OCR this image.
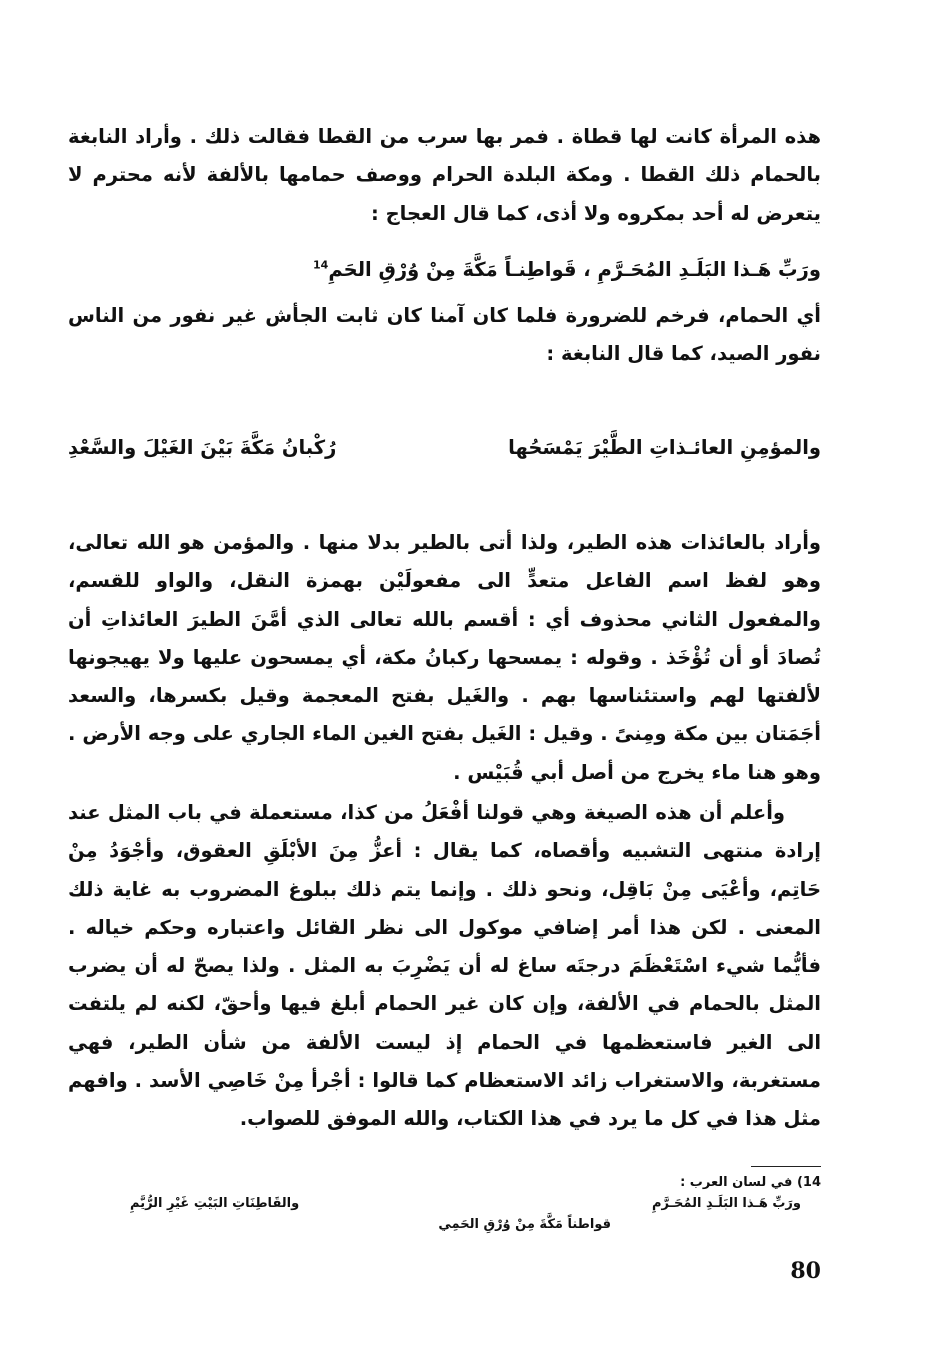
هذه المرأة كانت لها قطاة . فمر بها سرب من القطا فقالت ذلك . وأراد النابغة بالحمام ذلك القطا . ومكة البلدة الحرام ووصف حمامها بالألفة لأنه محترم لا يتعرض له أحد بمكروه ولا أذى، كما قال العجاج :
ورَبِّ هَـذا البَلَـدِ المُحَـرَّمِ ، قَواطِنـاً مَكَّةَ مِنْ وُرْقِ الحَمِ$^{14}$
أي الحمام، فرخم للضرورة فلما كان آمنا كان ثابت الجأش غير نفور من الناس نفور الصيد، كما قال النابغة :
والمؤمِنِ العائـذاتِ الطَّيْرَ يَمْسَحُها
رُكْبانُ مَكَّةَ بَيْنَ الغَيْلَ والسَّعْدِ
وأراد بالعائذات هذه الطير، ولذا أتى بالطير بدلا منها . والمؤمن هو الله تعالى، وهو لفظ اسم الفاعل متعدٍّ الى مفعولَيْن بهمزة النقل، والواو للقسم، والمفعول الثاني محذوف أي : أقسم بالله تعالى الذي أمَّنَ الطيرَ العائذاتِ أن تُصادَ أو أن تُؤْخَذ . وقوله : يمسحها ركبانُ مكة، أي يمسحون عليها ولا يهيجونها لألفتها لهم واستئناسها بهم . والغَيل بفتح المعجمة وقيل بكسرها، والسعد أجَمَتان بين مكة ومِنىً . وقيل : الغَيل بفتح الغين الماء الجاري على وجه الأرض . وهو هنا ماء يخرج من أصل أبي قُبَيْس .
وأعلم أن هذه الصيغة وهي قولنا أفْعَلُ من كذا، مستعملة في باب المثل عند إرادة منتهى التشبيه وأقصاه، كما يقال : أعزُّ مِنَ الأبْلَقِ العقوق، وأجْوَدُ مِنْ حَاتِم، وأعْيَى مِنْ بَاقِل، ونحو ذلك . وإنما يتم ذلك ببلوغ المضروب به غاية ذلك المعنى . لكن هذا أمر إضافي موكول الى نظر القائل واعتباره وحكم خياله . فأيُّما شيء اسْتَعْظَمَ درجتَه ساغ له أن يَضْرِبَ به المثل . ولذا يصحّ له أن يضرب المثل بالحمام في الألفة، وإن كان غير الحمام أبلغ فيها وأحقّ، لكنه لم يلتفت الى الغير فاستعظمها في الحمام إذ ليست الألفة من شأن الطير، فهي مستغربة، والاستغراب زائد الاستعظام كما قالوا : أجْرأ مِنْ خَاصِي الأسد . وافهم مثل هذا في كل ما يرد في هذا الكتاب، والله الموفق للصواب.
14) في لسان العرب :
ورَبِّ هَـذا البَلَـدِ المُحَـرَّمِ
والقَاطِنَاتِ البَيْتِ غَيْرِ الرُّيَّمِ
قواطناً مَكَّةَ مِنْ وُرْقِ الحَمِي
80
